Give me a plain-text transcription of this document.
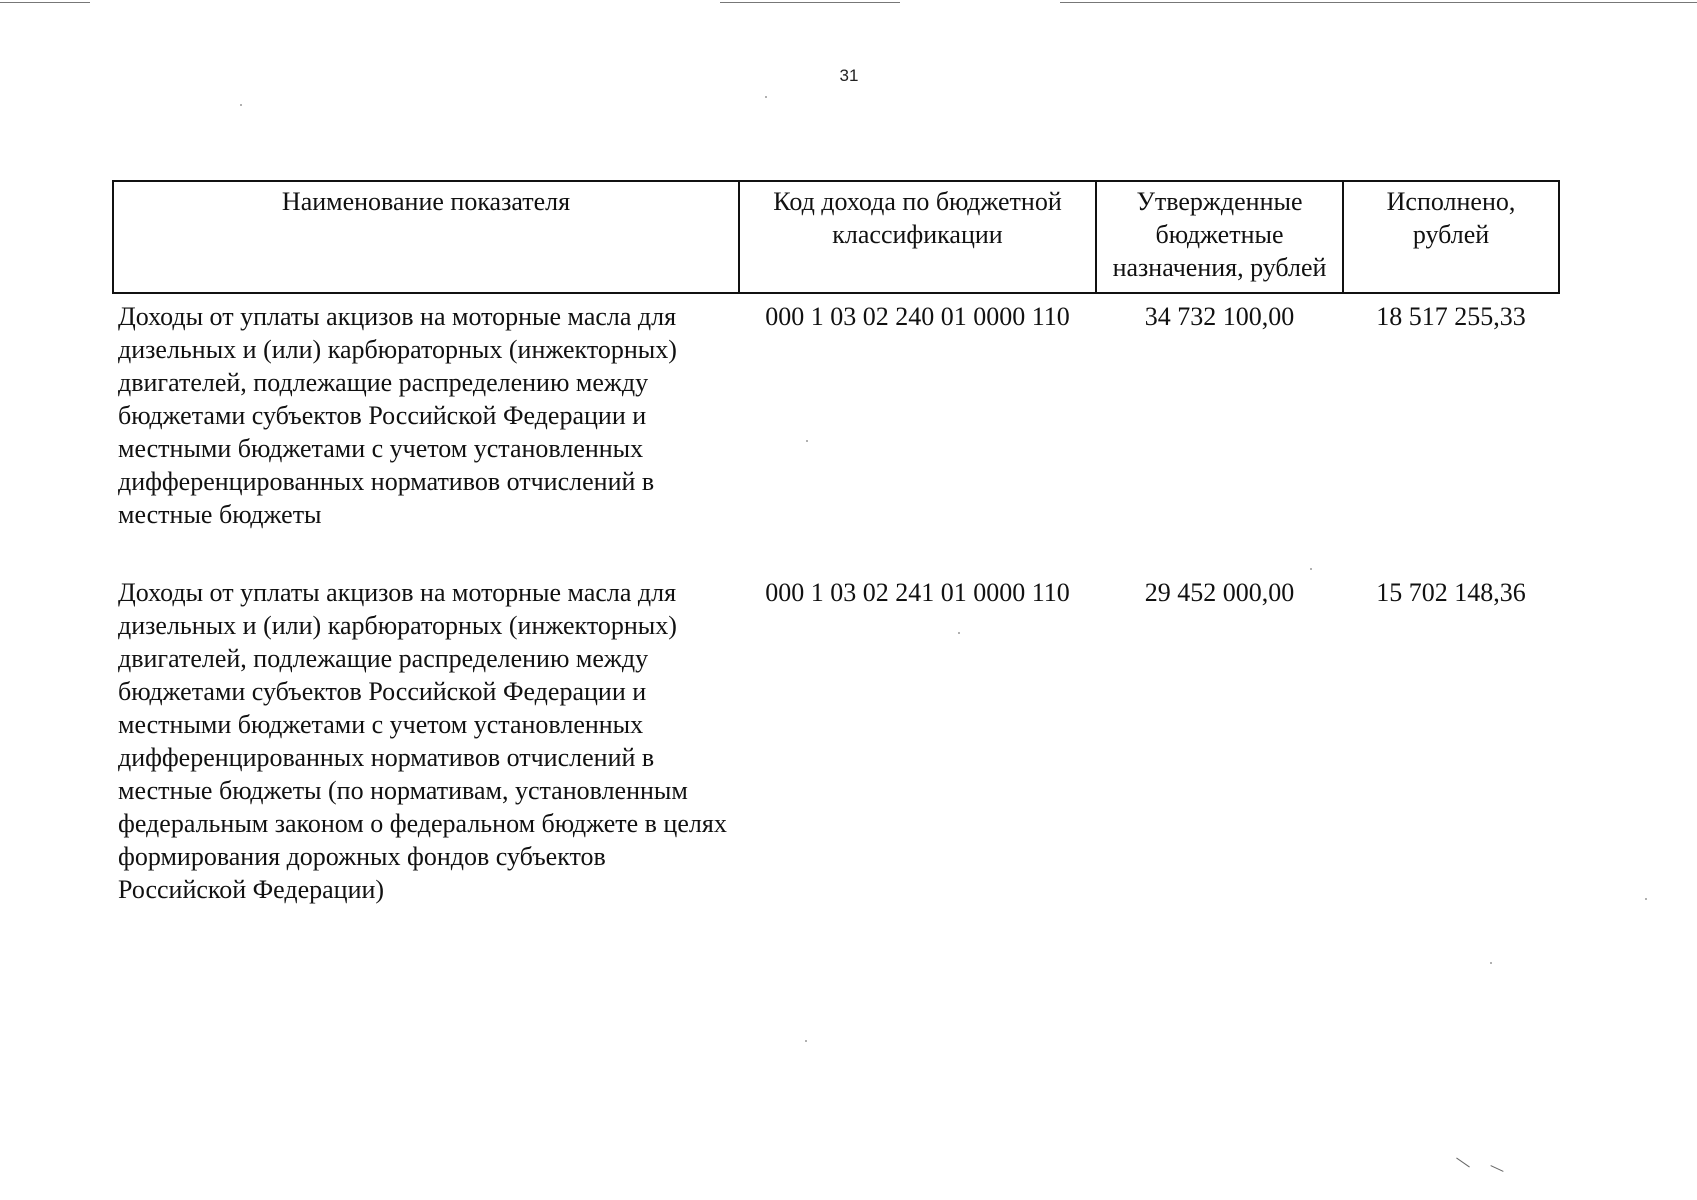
31
Наименование показателя	Код дохода по бюджетной классификации	Утвержденные бюджетные назначения, рублей	Исполнено, рублей
Доходы от уплаты акцизов на моторные масла для дизельных и (или) карбюраторных (инжекторных) двигателей, подлежащие распределению между бюджетами субъектов Российской Федерации и местными бюджетами с учетом установленных дифференцированных нормативов отчислений в местные бюджеты	000 1 03 02 240 01 0000 110	34 732 100,00	18 517 255,33
Доходы от уплаты акцизов на моторные масла для дизельных и (или) карбюраторных (инжекторных) двигателей, подлежащие распределению между бюджетами субъектов Российской Федерации и местными бюджетами с учетом установленных дифференцированных нормативов отчислений в местные бюджеты (по нормативам, установленным федеральным законом о федеральном бюджете в целях формирования дорожных фондов субъектов Российской Федерации)	000 1 03 02 241 01 0000 110	29 452 000,00	15 702 148,36
